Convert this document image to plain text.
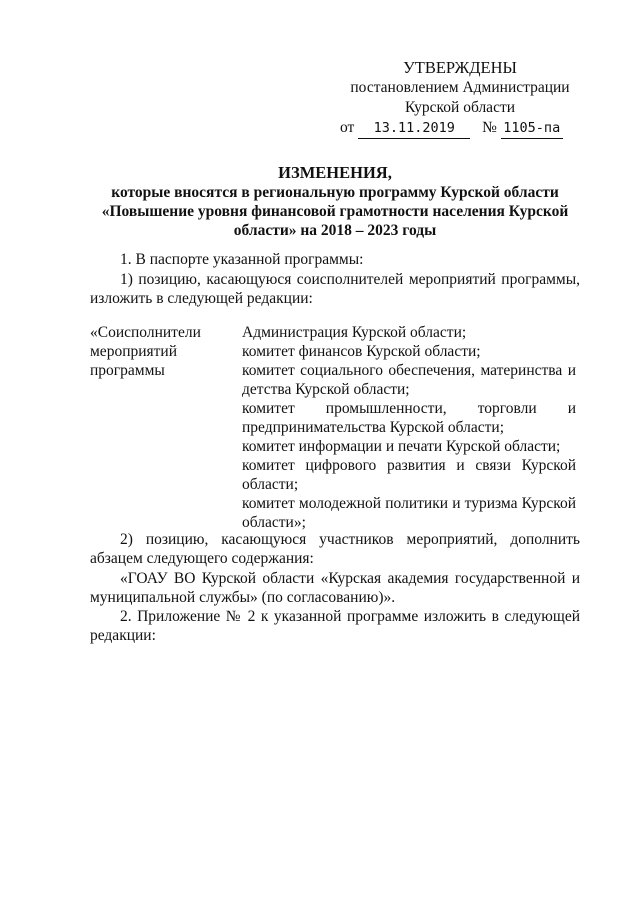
УТВЕРЖДЕНЫ
постановлением Администрации
Курской области
от 13.11.2019 № 1105-па
ИЗМЕНЕНИЯ,
которые вносятся в региональную программу Курской области
«Повышение уровня финансовой грамотности населения Курской
области» на 2018 – 2023 годы
1. В паспорте указанной программы:
1) позицию, касающуюся соисполнителей мероприятий программы, изложить в следующей редакции:
«Соисполнители
мероприятий
программы
Администрация Курской области;
комитет финансов Курской области;
комитет социального обеспечения, материнства и детства Курской области;
комитет промышленности, торговли и предпринимательства Курской области;
комитет информации и печати Курской области;
комитет цифрового развития и связи Курской области;
комитет молодежной политики и туризма Курской области»;
2) позицию, касающуюся участников мероприятий, дополнить абзацем следующего содержания:
«ГОАУ ВО Курской области «Курская академия государственной и муниципальной службы» (по согласованию)».
2. Приложение № 2 к указанной программе изложить в следующей редакции:
